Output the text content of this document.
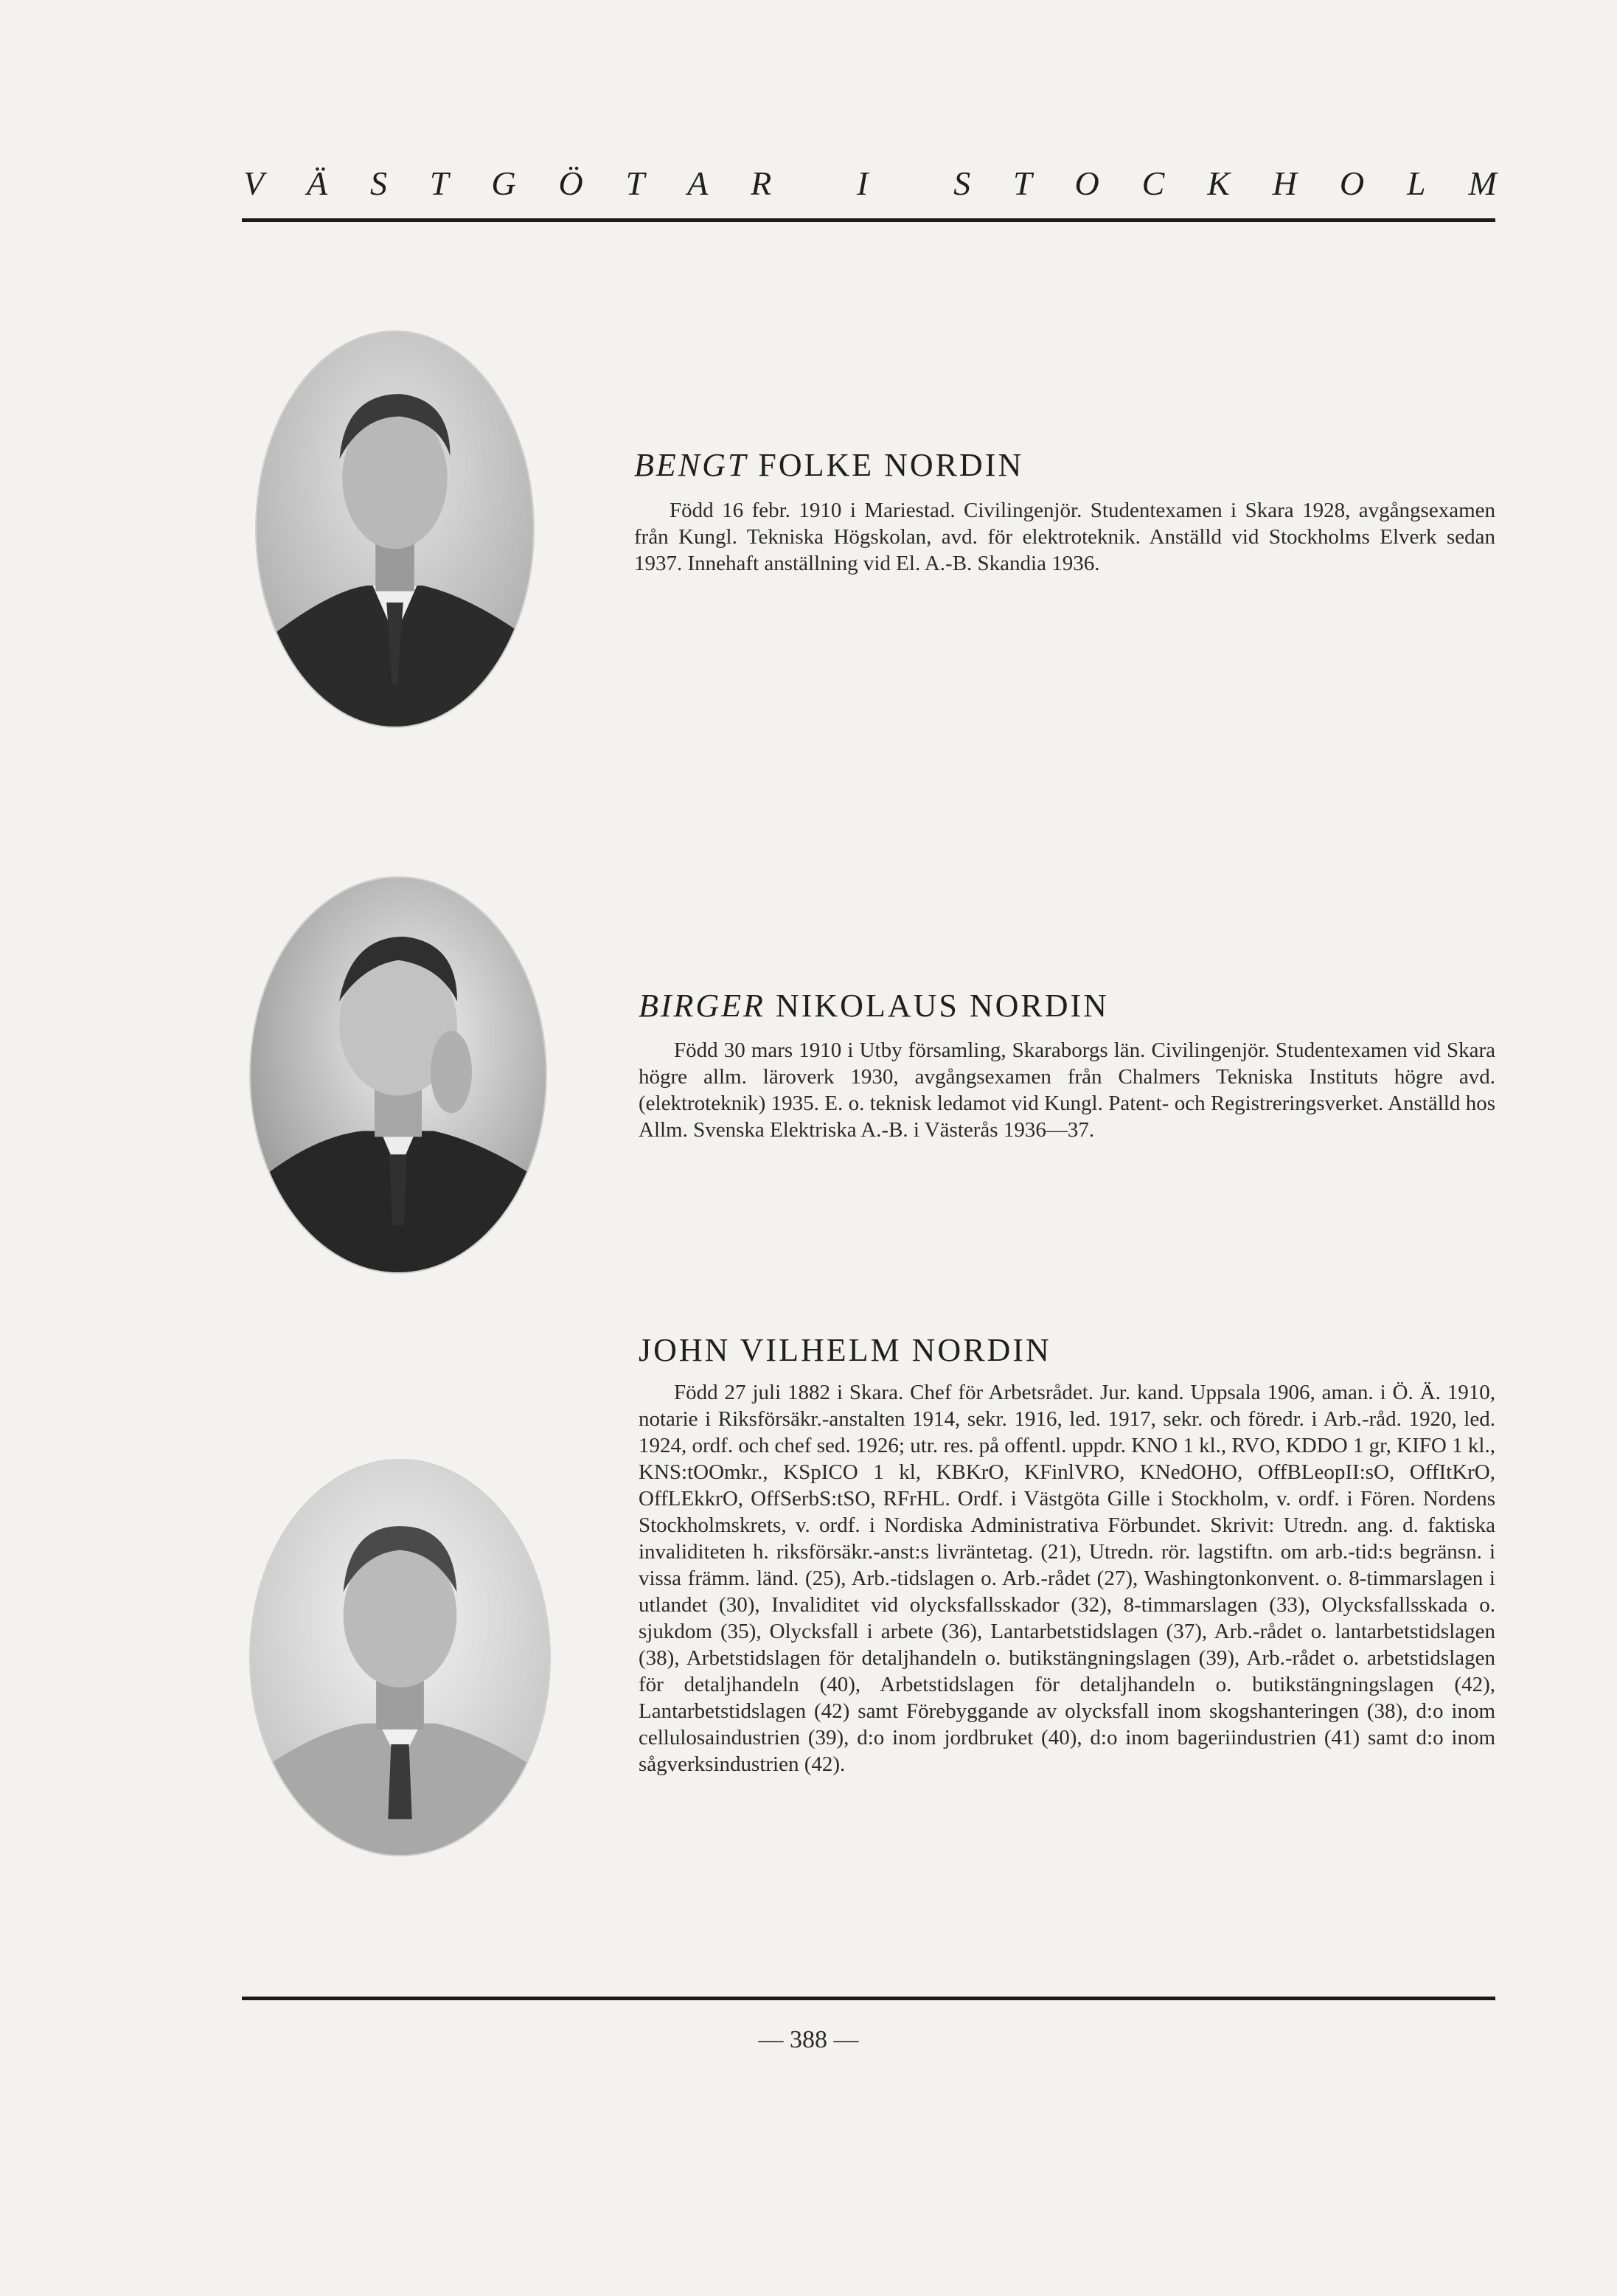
V Ä S T G Ö T A R	I	S T O C K H O L M
BENGT FOLKE NORDIN
Född 16 febr. 1910 i Mariestad. Civilingenjör. Studentexamen i Skara 1928, avgångsexamen från Kungl. Tekniska Högskolan, avd. för elektroteknik. Anställd vid Stockholms Elverk sedan 1937. Innehaft anställning vid El. A.-B. Skandia 1936.
BIRGER NIKOLAUS NORDIN
Född 30 mars 1910 i Utby församling, Skaraborgs län. Civilingenjör. Studentexamen vid Skara högre allm. läroverk 1930, avgångsexamen från Chalmers Tekniska Instituts högre avd. (elektroteknik) 1935. E. o. teknisk ledamot vid Kungl. Patent- och Registreringsverket. Anställd hos Allm. Svenska Elektriska A.-B. i Västerås 1936—37.
JOHN VILHELM NORDIN
Född 27 juli 1882 i Skara. Chef för Arbetsrådet. Jur. kand. Uppsala 1906, aman. i Ö. Ä. 1910, notarie i Riksförsäkr.-anstalten 1914, sekr. 1916, led. 1917, sekr. och föredr. i Arb.-råd. 1920, led. 1924, ordf. och chef sed. 1926; utr. res. på offentl. uppdr. KNO 1 kl., RVO, KDDO 1 gr, KIFO 1 kl., KNS:tOOmkr., KSpICO 1 kl, KBKrO, KFinlVRO, KNedOHO, OffBLeopII:sO, OffItKrO, OffLEkkrO, OffSerbS:tSO, RFrHL. Ordf. i Västgöta Gille i Stockholm, v. ordf. i Fören. Nordens Stockholmskrets, v. ordf. i Nordiska Administrativa Förbundet. Skrivit: Utredn. ang. d. faktiska invaliditeten h. riksförsäkr.-anst:s livräntetag. (21), Utredn. rör. lagstiftn. om arb.-tid:s begränsn. i vissa främm. länd. (25), Arb.-tidslagen o. Arb.-rådet (27), Washingtonkonvent. o. 8-timmarslagen i utlandet (30), Invaliditet vid olycksfallsskador (32), 8-timmarslagen (33), Olycksfallsskada o. sjukdom (35), Olycksfall i arbete (36), Lantarbetstidslagen (37), Arb.-rådet o. lantarbetstidslagen (38), Arbetstidslagen för detaljhandeln o. butikstängningslagen (39), Arb.-rådet o. arbetstidslagen för detaljhandeln (40), Arbetstidslagen för detaljhandeln o. butikstängningslagen (42), Lantarbetstidslagen (42) samt Förebyggande av olycksfall inom skogshanteringen (38), d:o inom cellulosaindustrien (39), d:o inom jordbruket (40), d:o inom bageriindustrien (41) samt d:o inom sågverksindustrien (42).
— 388 —
